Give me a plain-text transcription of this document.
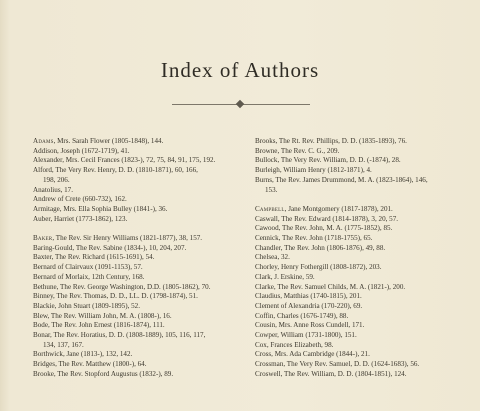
Index of Authors
Adams, Mrs. Sarah Flower (1805-1848), 144.
Addison, Joseph (1672-1719), 41.
Alexander, Mrs. Cecil Frances (1823-), 72, 75, 84, 91, 175, 192.
Alford, The Very Rev. Henry, D. D. (1810-1871), 60, 166,
198, 206.
Anatolius, 17.
Andrew of Crete (660-732), 162.
Armitage, Mrs. Ella Sophia Bulley (1841-), 36.
Auber, Harriet (1773-1862), 123.
Baker, The Rev. Sir Henry Williams (1821-1877), 38, 157.
Baring-Gould, The Rev. Sabine (1834-), 10, 204, 207.
Baxter, The Rev. Richard (1615-1691), 54.
Bernard of Clairvaux (1091-1153), 57.
Bernard of Morlaix, 12th Century, 168.
Bethune, The Rev. George Washington, D.D. (1805-1862), 70.
Binney, The Rev. Thomas, D. D., LL. D. (1798-1874), 51.
Blackie, John Stuart (1809-1895), 52.
Blew, The Rev. William John, M. A. (1808-), 16.
Bode, The Rev. John Ernest (1816-1874), 111.
Bonar, The Rev. Horatius, D. D. (1808-1889), 105, 116, 117,
134, 137, 167.
Borthwick, Jane (1813-), 132, 142.
Bridges, The Rev. Matthew (1800-), 64.
Brooke, The Rev. Stopford Augustus (1832-), 89.
Brooks, The Rt. Rev. Phillips, D. D. (1835-1893), 76.
Browne, The Rev. C. G., 209.
Bullock, The Very Rev. William, D. D. (-1874), 28.
Burleigh, William Henry (1812-1871), 4.
Burns, The Rev. James Drummond, M. A. (1823-1864), 146,
153.
Campbell, Jane Montgomery (1817-1878), 201.
Caswall, The Rev. Edward (1814-1878), 3, 20, 57.
Cawood, The Rev. John, M. A. (1775-1852), 85.
Cennick, The Rev. John (1718-1755), 65.
Chandler, The Rev. John (1806-1876), 49, 88.
Chelsea, 32.
Chorley, Henry Fothergill (1808-1872), 203.
Clark, J. Erskine, 59.
Clarke, The Rev. Samuel Childs, M. A. (1821-), 200.
Claudius, Matthias (1740-1815), 201.
Clement of Alexandria (170-220), 69.
Coffin, Charles (1676-1749), 88.
Cousin, Mrs. Anne Ross Cundell, 171.
Cowper, William (1731-1800), 151.
Cox, Frances Elizabeth, 98.
Cross, Mrs. Ada Cambridge (1844-), 21.
Crossman, The Very Rev. Samuel, D. D. (1624-1683), 56.
Croswell, The Rev. William, D. D. (1804-1851), 124.
